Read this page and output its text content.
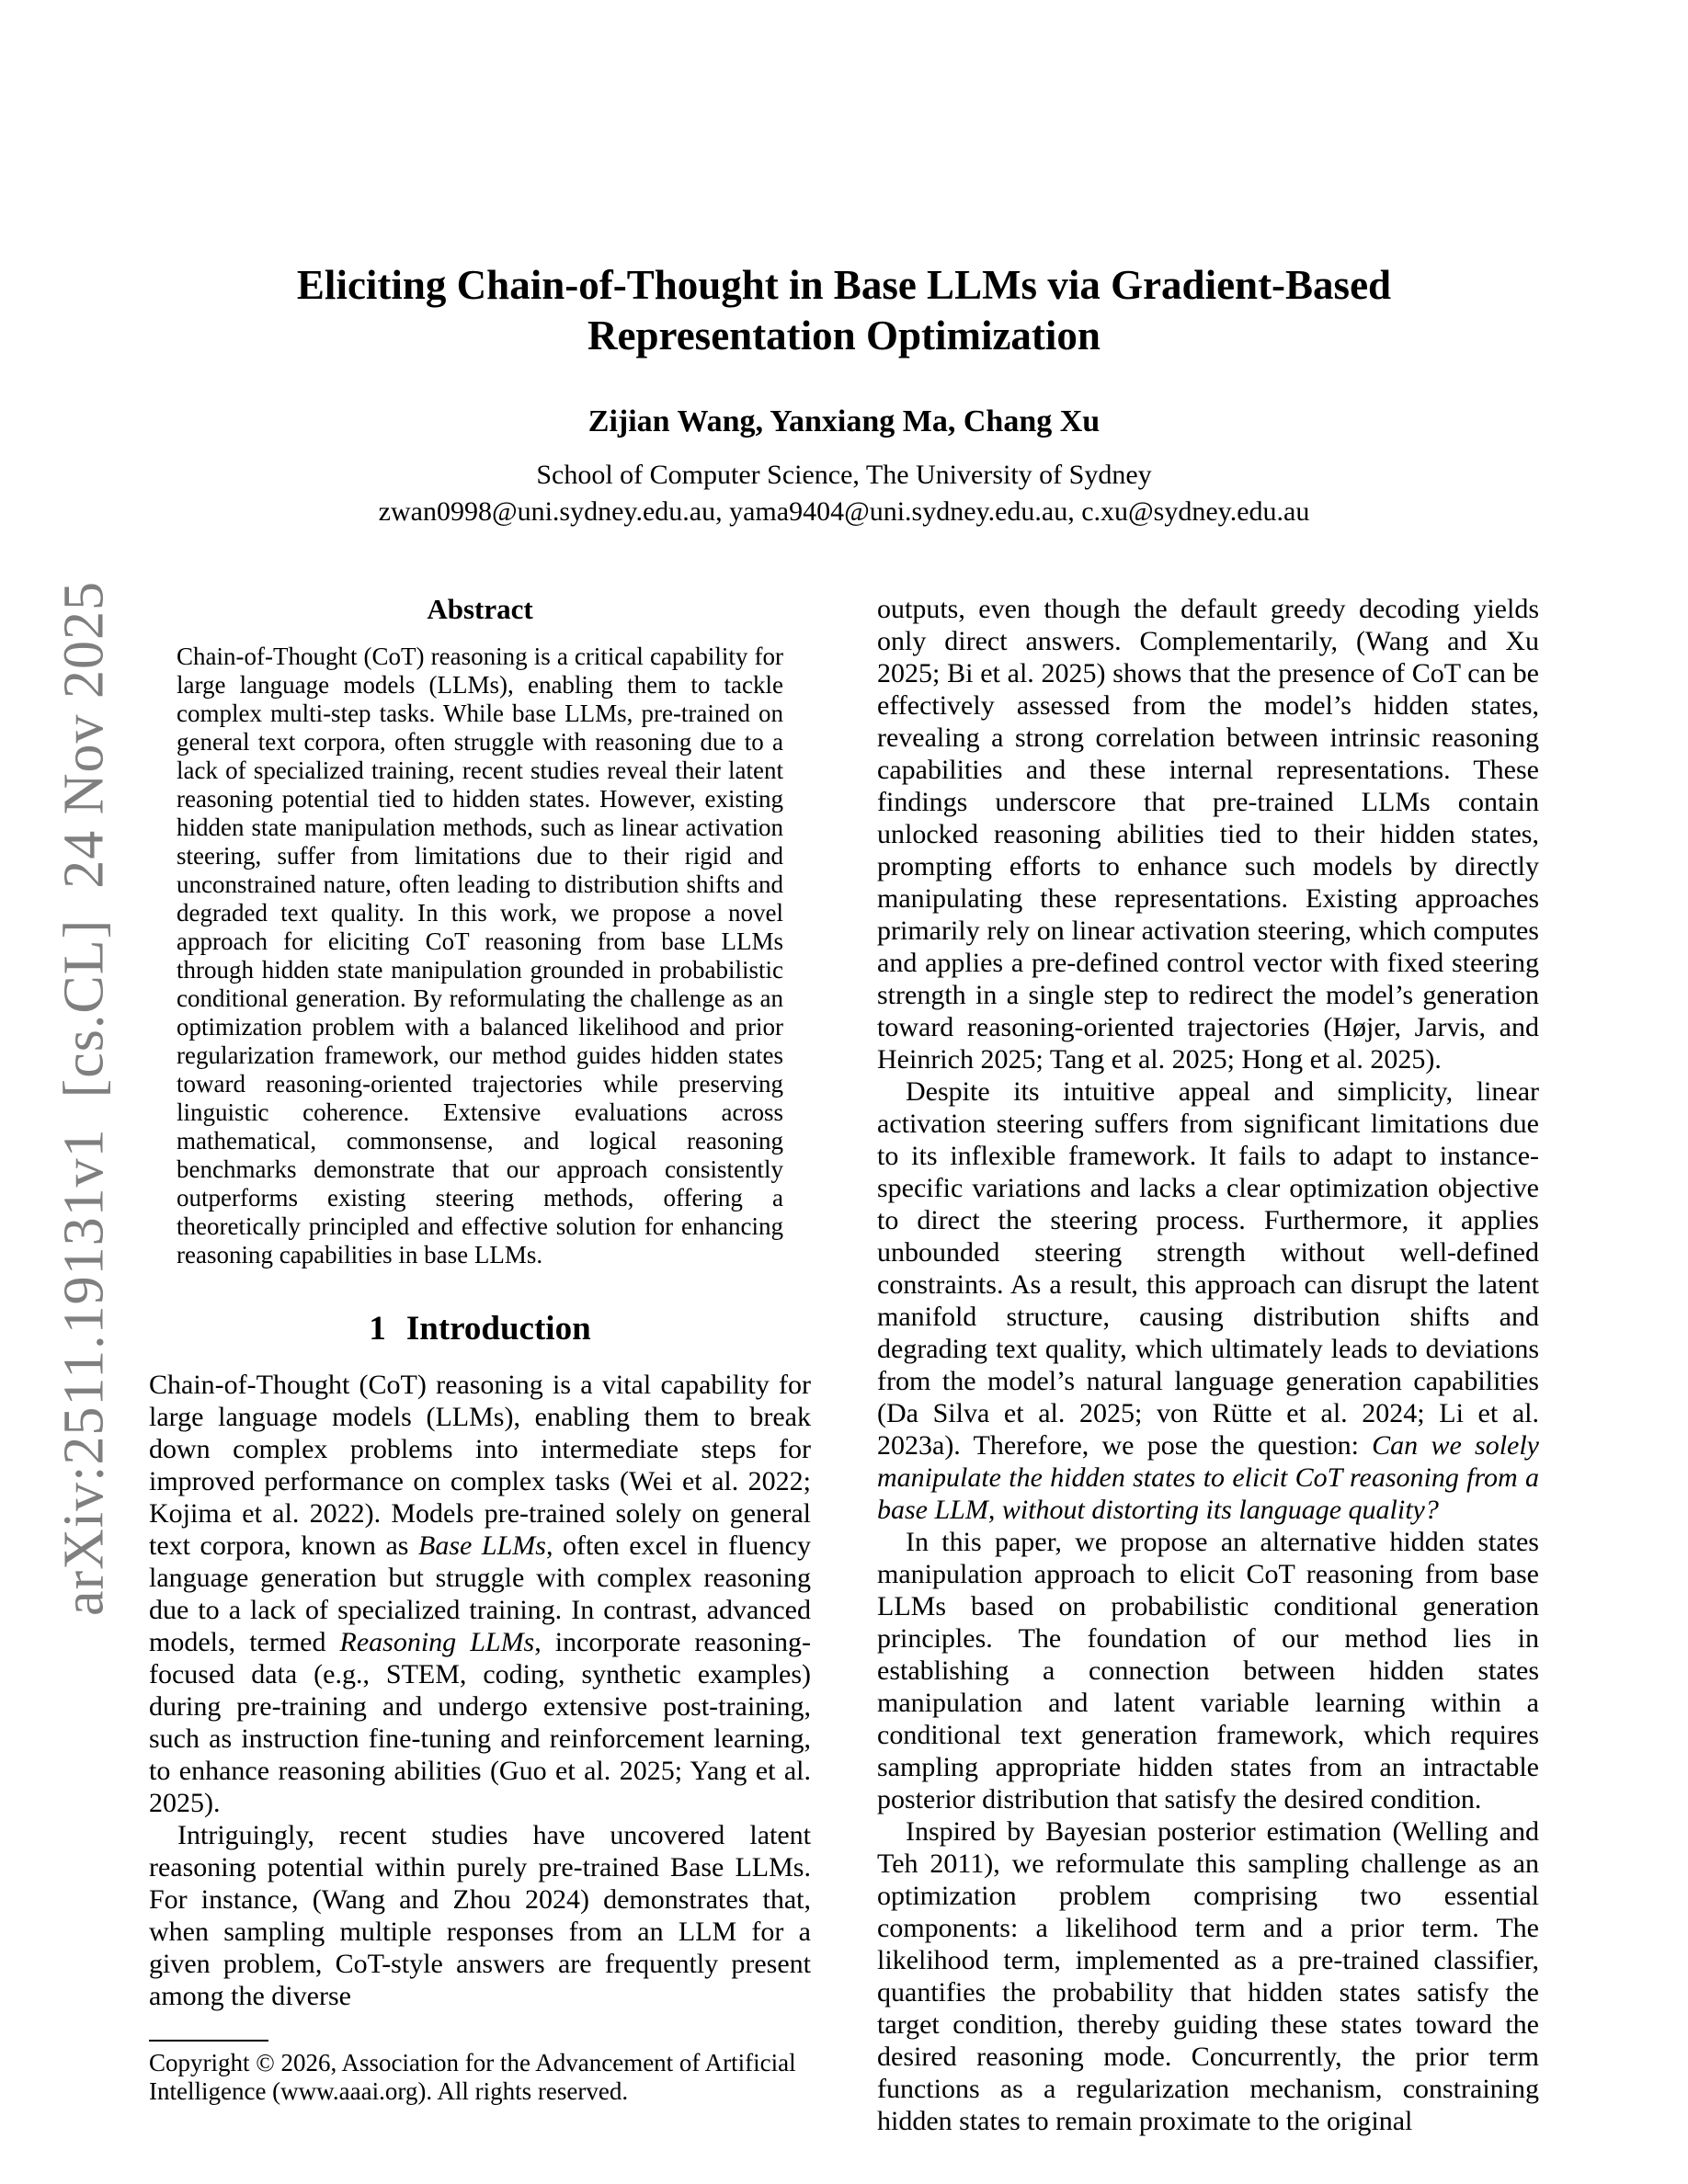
arXiv:2511.19131v1  [cs.CL]  24 Nov 2025
Eliciting Chain-of-Thought in Base LLMs via Gradient-Based
Representation Optimization
Zijian Wang, Yanxiang Ma, Chang Xu
School of Computer Science, The University of Sydney
zwan0998@uni.sydney.edu.au, yama9404@uni.sydney.edu.au, c.xu@sydney.edu.au
Abstract

Chain-of-Thought (CoT) reasoning is a critical capability for large language models (LLMs), enabling them to tackle complex multi-step tasks. While base LLMs, pre-trained on general text corpora, often struggle with reasoning due to a lack of specialized training, recent studies reveal their latent reasoning potential tied to hidden states. However, existing hidden state manipulation methods, such as linear activation steering, suffer from limitations due to their rigid and unconstrained nature, often leading to distribution shifts and degraded text quality. In this work, we propose a novel approach for eliciting CoT reasoning from base LLMs through hidden state manipulation grounded in probabilistic conditional generation. By reformulating the challenge as an optimization problem with a balanced likelihood and prior regularization framework, our method guides hidden states toward reasoning-oriented trajectories while preserving linguistic coherence. Extensive evaluations across mathematical, commonsense, and logical reasoning benchmarks demonstrate that our approach consistently outperforms existing steering methods, offering a theoretically principled and effective solution for enhancing reasoning capabilities in base LLMs.

1 Introduction

Chain-of-Thought (CoT) reasoning is a vital capability for large language models (LLMs), enabling them to break down complex problems into intermediate steps for improved performance on complex tasks (Wei et al. 2022; Kojima et al. 2022). Models pre-trained solely on general text corpora, known as Base LLMs, often excel in fluency language generation but struggle with complex reasoning due to a lack of specialized training. In contrast, advanced models, termed Reasoning LLMs, incorporate reasoning-focused data (e.g., STEM, coding, synthetic examples) during pre-training and undergo extensive post-training, such as instruction fine-tuning and reinforcement learning, to enhance reasoning abilities (Guo et al. 2025; Yang et al. 2025).

Intriguingly, recent studies have uncovered latent reasoning potential within purely pre-trained Base LLMs. For instance, (Wang and Zhou 2024) demonstrates that, when sampling multiple responses from an LLM for a given problem, CoT-style answers are frequently present among the diverse

Copyright © 2026, Association for the Advancement of Artificial Intelligence (www.aaai.org). All rights reserved.

outputs, even though the default greedy decoding yields only direct answers. Complementarily, (Wang and Xu 2025; Bi et al. 2025) shows that the presence of CoT can be effectively assessed from the model’s hidden states, revealing a strong correlation between intrinsic reasoning capabilities and these internal representations. These findings underscore that pre-trained LLMs contain unlocked reasoning abilities tied to their hidden states, prompting efforts to enhance such models by directly manipulating these representations. Existing approaches primarily rely on linear activation steering, which computes and applies a pre-defined control vector with fixed steering strength in a single step to redirect the model’s generation toward reasoning-oriented trajectories (Højer, Jarvis, and Heinrich 2025; Tang et al. 2025; Hong et al. 2025).

Despite its intuitive appeal and simplicity, linear activation steering suffers from significant limitations due to its inflexible framework. It fails to adapt to instance-specific variations and lacks a clear optimization objective to direct the steering process. Furthermore, it applies unbounded steering strength without well-defined constraints. As a result, this approach can disrupt the latent manifold structure, causing distribution shifts and degrading text quality, which ultimately leads to deviations from the model’s natural language generation capabilities (Da Silva et al. 2025; von Rütte et al. 2024; Li et al. 2023a). Therefore, we pose the question: Can we solely manipulate the hidden states to elicit CoT reasoning from a base LLM, without distorting its language quality?

In this paper, we propose an alternative hidden states manipulation approach to elicit CoT reasoning from base LLMs based on probabilistic conditional generation principles. The foundation of our method lies in establishing a connection between hidden states manipulation and latent variable learning within a conditional text generation framework, which requires sampling appropriate hidden states from an intractable posterior distribution that satisfy the desired condition.

Inspired by Bayesian posterior estimation (Welling and Teh 2011), we reformulate this sampling challenge as an optimization problem comprising two essential components: a likelihood term and a prior term. The likelihood term, implemented as a pre-trained classifier, quantifies the probability that hidden states satisfy the target condition, thereby guiding these states toward the desired reasoning mode. Concurrently, the prior term functions as a regularization mechanism, constraining hidden states to remain proximate to the original
